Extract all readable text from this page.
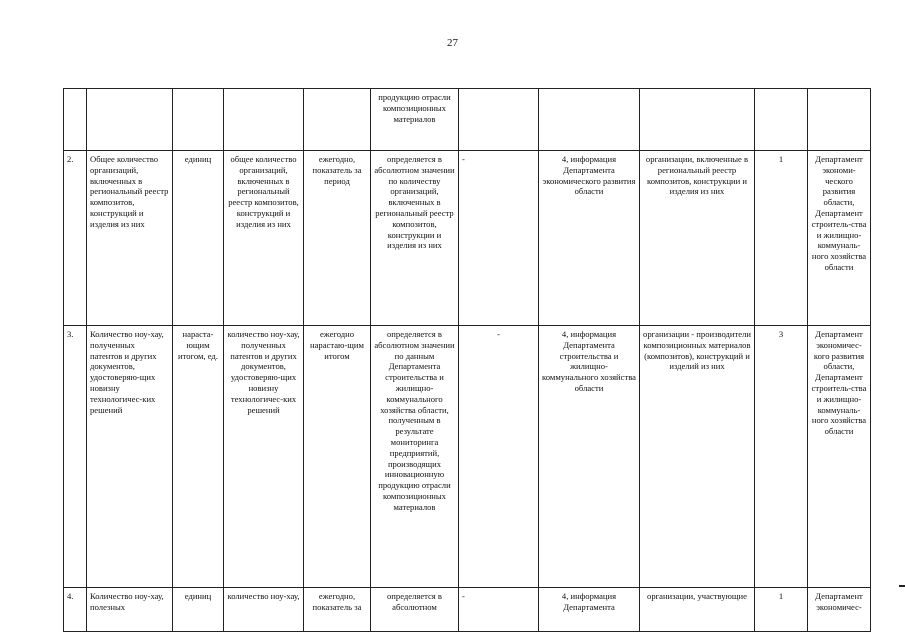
27
					продукцию отрасли композиционных материалов					
2.	Общее количество организаций, включенных в региональный реестр композитов, конструкций и изделия из них	единиц	общее количество организаций, включенных в региональный реестр композитов, конструкций и изделия из них	ежегодно, показатель за период	определяется в абсолютном значении по количеству организаций, включенных в региональный реестр композитов, конструкции и изделия из них	-	4, информация Департамента экономического развития области	организации, включенные в региональный реестр композитов, конструкции и изделия из них	1	Департамент экономи-ческого развития области, Департамент строитель-ства и жилищно-коммуналь-ного хозяйства области
3.	Количество ноу-хау, полученных патентов и других документов, удостоверяю-щих новизну технологичес-ких решений	нараста-ющим итогом, ед.	количество ноу-хау, полученных патентов и других документов, удостоверяю-щих новизну технологичес-ких решений	ежегодно нарастаю-щим итогом	определяется в абсолютном значении по данным Департамента строительства и жилищно-коммунального хозяйства области, полученным в результате мониторинга предприятий, производящих инновационную продукцию отрасли композиционных материалов	-	4, информация Департамента строительства и жилищно-коммунального хозяйства области	организации - производители композиционных материалов (композитов), конструкций и изделий из них	3	Департамент экономичес-кого развития области, Департамент строитель-ства и жилищно-коммуналь-ного хозяйства области
4.	Количество ноу-хау, полезных	единиц	количество ноу-хау,	ежегодно, показатель за	определяется в абсолютном	-	4, информация Департамента	организации, участвующие	1	Департамент экономичес-
